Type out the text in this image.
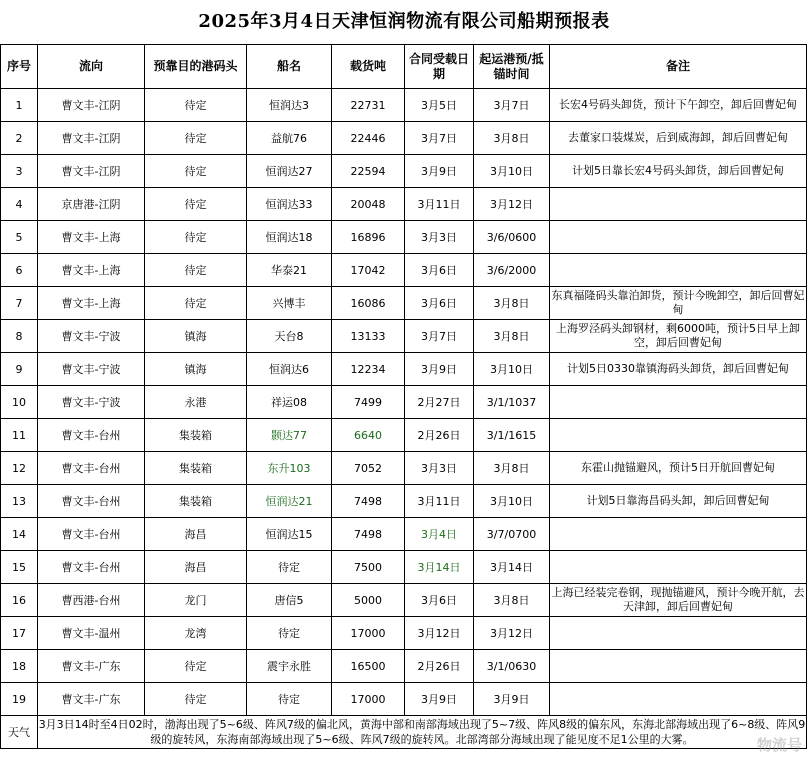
2025年3月4日天津恒润物流有限公司船期预报表
序号	流向	预靠目的港码头	船名	载货吨	合同受载日期	起运港预/抵锚时间	备注
1	曹文丰-江阴	待定	恒润达3	22731	3月5日	3月7日	长宏4号码头卸货，预计下午卸空，卸后回曹妃甸
2	曹文丰-江阴	待定	益航76	22446	3月7日	3月8日	去董家口装煤炭，后到威海卸，卸后回曹妃甸
3	曹文丰-江阴	待定	恒润达27	22594	3月9日	3月10日	计划5日靠长宏4号码头卸货，卸后回曹妃甸
4	京唐港-江阴	待定	恒润达33	20048	3月11日	3月12日	
5	曹文丰-上海	待定	恒润达18	16896	3月3日	3/6/0600	
6	曹文丰-上海	待定	华泰21	17042	3月6日	3/6/2000	
7	曹文丰-上海	待定	兴博丰	16086	3月6日	3月8日	东真福隆码头靠泊卸货，预计今晚卸空，卸后回曹妃甸
8	曹文丰-宁波	镇海	天台8	13133	3月7日	3月8日	上海罗泾码头卸钢材，剩6000吨，预计5日早上卸空，卸后回曹妃甸
9	曹文丰-宁波	镇海	恒润达6	12234	3月9日	3月10日	计划5日0330靠镇海码头卸货，卸后回曹妃甸
10	曹文丰-宁波	永港	祥运08	7499	2月27日	3/1/1037	
11	曹文丰-台州	集装箱	颢达77	6640	2月26日	3/1/1615	
12	曹文丰-台州	集装箱	东升103	7052	3月3日	3月8日	东霍山抛锚避风，预计5日开航回曹妃甸
13	曹文丰-台州	集装箱	恒润达21	7498	3月11日	3月10日	计划5日靠海昌码头卸，卸后回曹妃甸
14	曹文丰-台州	海昌	恒润达15	7498	3月4日	3/7/0700	
15	曹文丰-台州	海昌	待定	7500	3月14日	3月14日	
16	曹西港-台州	龙门	唐信5	5000	3月6日	3月8日	上海已经装完卷钢，现抛锚避风，预计今晚开航，去天津卸，卸后回曹妃甸
17	曹文丰-温州	龙湾	待定	17000	3月12日	3月12日	
18	曹文丰-广东	待定	震宇永胜	16500	2月26日	3/1/0630	
19	曹文丰-广东	待定	待定	17000	3月9日	3月9日	
天气	3月3日14时至4日02时，渤海出现了5~6级、阵风7级的偏北风，黄海中部和南部海域出现了5~7级、阵风8级的偏东风，东海北部海域出现了6~8级、阵风9级的旋转风，东海南部海域出现了5~6级、阵风7级的旋转风。北部湾部分海域出现了能见度不足1公里的大雾。							物流号
